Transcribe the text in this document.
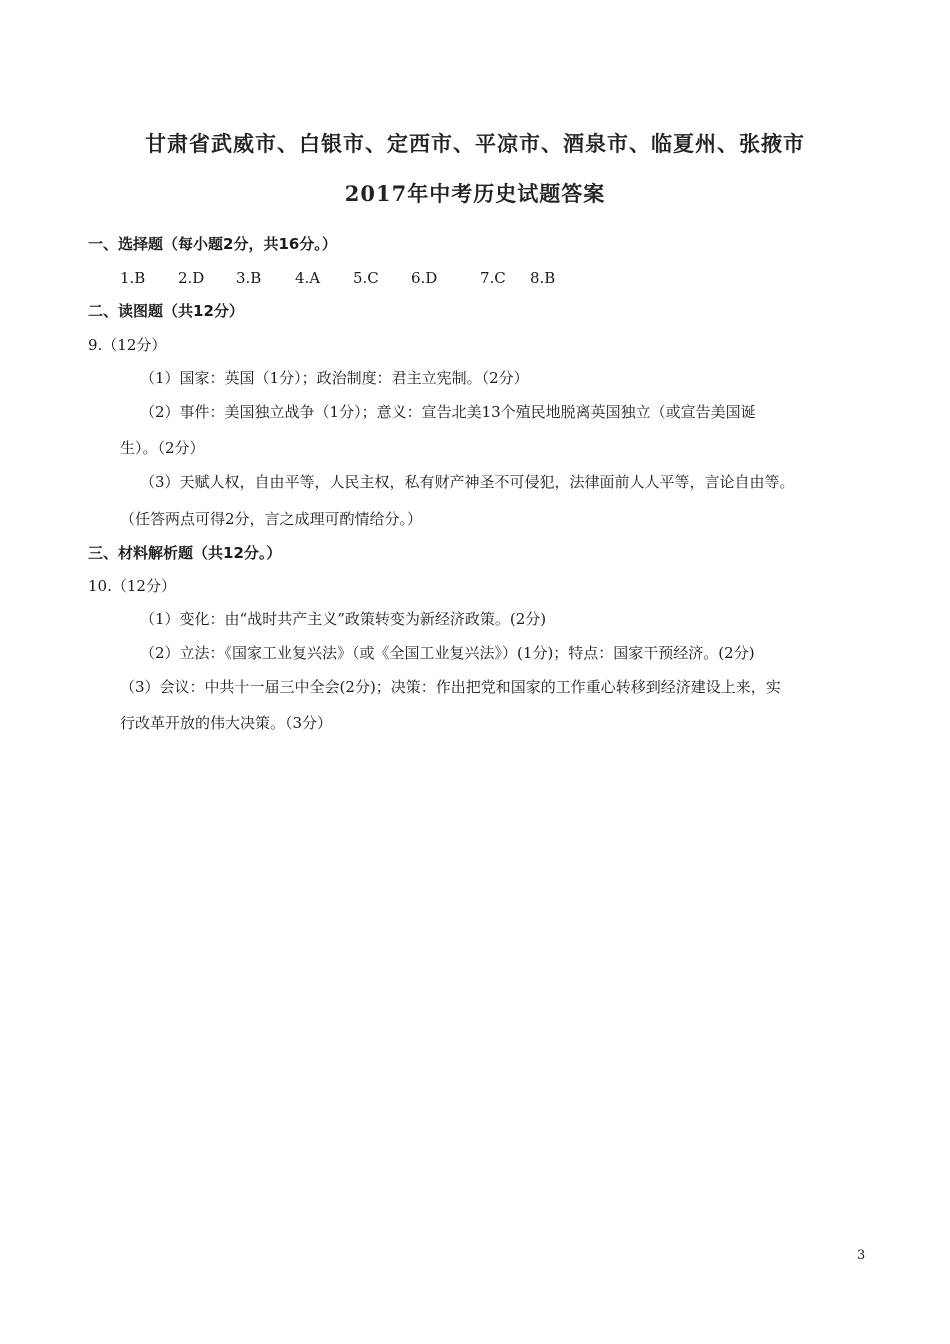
甘肃省武威市、白银市、定西市、平凉市、酒泉市、临夏州、张掖市
2017年中考历史试题答案
一、选择题（每小题2分，共16分。）
1.B 2.D 3.B 4.A 5.C 6.D	7.C 8.B
二、读图题（共12分）
9.（12分）
（1）国家：英国（1分）；政治制度：君主立宪制。（2分）
（2）事件：美国独立战争（1分）；意义：宣告北美13个殖民地脱离英国独立（或宣告美国诞
生）。（2分）
（3）天赋人权，自由平等，人民主权，私有财产神圣不可侵犯，法律面前人人平等，言论自由等。
（任答两点可得2分，言之成理可酌情给分。）
三、材料解析题（共12分。）
10.（12分）
（1）变化：由“战时共产主义”政策转变为新经济政策。(2分)
（2）立法：《国家工业复兴法》（或《全国工业复兴法》）(1分)；特点：国家干预经济。(2分)
（3）会议：中共十一届三中全会(2分)；决策：作出把党和国家的工作重心转移到经济建设上来，实
行改革开放的伟大决策。（3分）
3
